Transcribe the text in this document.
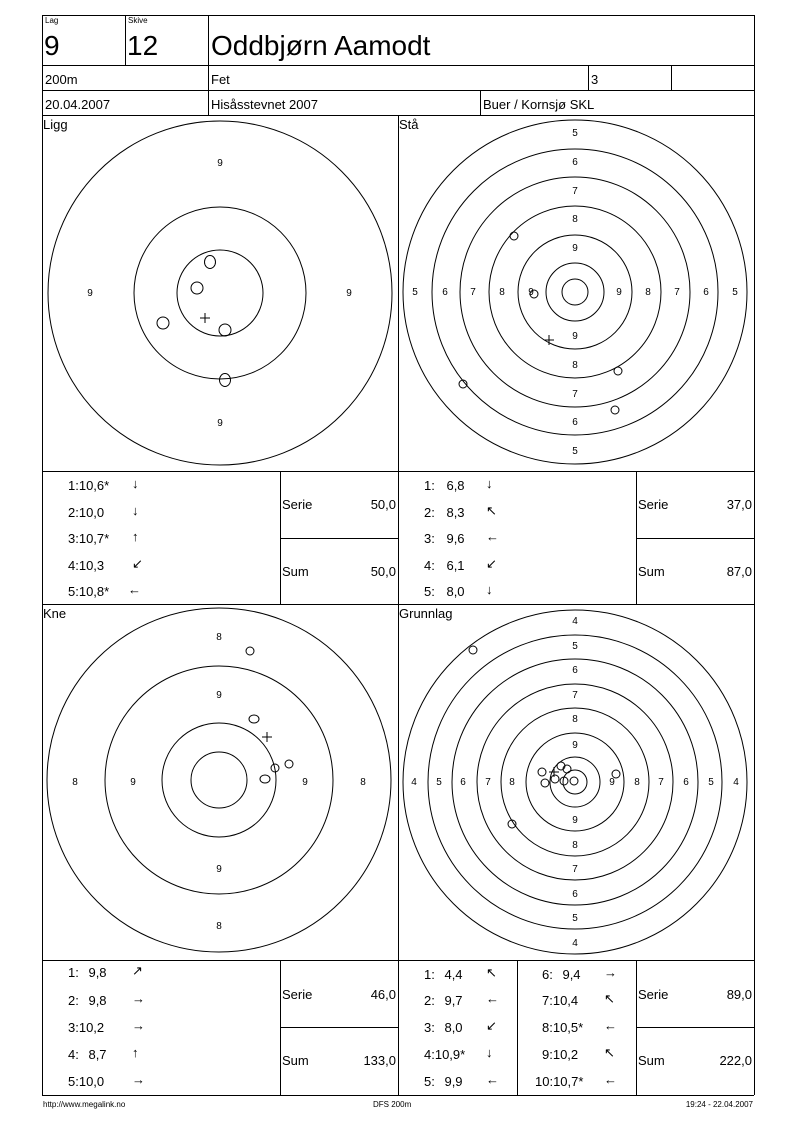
Lag
9
Skive
12 Oddbjørn Aamodt
200m	Fet	3
20.04.2007	Hisåsstevnet 2007	Buer / Kornsjø SKL
Ligg
9
9
9	9
Stå
5
6
7
8
9
9
8
7
6
5
5 6 7 8 9	9 8 7 6 5
1:10,6* ↓
2:10,0 ↓
3:10,7* ↑
4:10,3 ↙
5:10,8* ←
Serie	50,0
Sum	50,0
1: 6,8 ↓
2: 8,3 ↖
3: 9,6 ←
4: 6,1 ↙
5: 8,0 ↓
Serie	37,0
Sum	87,0
Kne
8
9
9
8
8	9	9	8
Grunnlag
4
5
6
7
8
9
9
8
7
6
5
4
4 5 6 7 8	9 8 7 6 5 4
1: 9,8 ↗
2: 9,8 →
3:10,2 →
4: 8,7 ↑
5:10,0 →
Serie	46,0
Sum	133,0
1: 4,4 ↖
2: 9,7 ←
3: 8,0 ↙
4:10,9* ↓
5: 9,9 ←
6: 9,4 →
7:10,4 ↖
8:10,5* ←
9:10,2 ↖
10:10,7* ←
Serie	89,0
Sum	222,0
http://www.megalink.no	DFS 200m	19:24 - 22.04.2007
